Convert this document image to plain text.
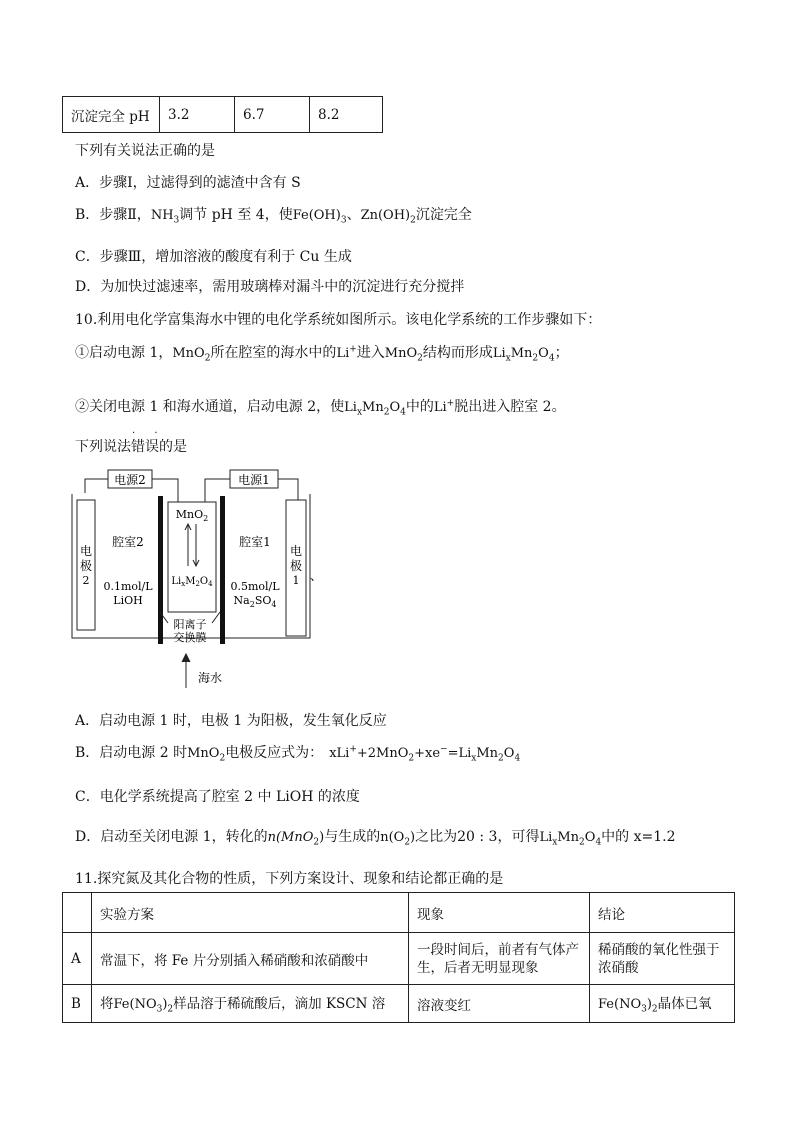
沉淀完全 pH	3.2	6.7	8.2
下列有关说法正确的是
A．步骤Ⅰ，过滤得到的滤渣中含有 S
B．步骤Ⅱ，$NH_3$调节 pH 至 4，使$Fe(OH)_3$、$Zn(OH)_2$沉淀完全
C．步骤Ⅲ，增加溶液的酸度有利于 Cu 生成
D．为加快过滤速率，需用玻璃棒对漏斗中的沉淀进行充分搅拌
10.利用电化学富集海水中锂的电化学系统如图所示。该电化学系统的工作步骤如下：
①启动电源 1，MnO$_2$所在腔室的海水中的Li+进入MnO$_2$结构而形成$Li_xMn_2O_4$；
②关闭电源 1 和海水通道，启动电源 2，使$Li_xMn_2O_4$中的Li+脱出进入腔室 2。
下列说法错误的是
· ·
电源2	电源1
电
极
2
电
极
1 、
MnO$_2$
$Li_xM_2O_4$
腔室2
0.1mol/L
LiOH
腔室1
0.5mol/L
$Na_2SO_4$
阳离子
交换膜
海水
A．启动电源 1 时，电极 1 为阳极，发生氧化反应
B．启动电源 2 时MnO$_2$电极反应式为： $xLi^++2MnO_2+xe^-=Li_xMn_2O_4$
C．电化学系统提高了腔室 2 中 LiOH 的浓度
D．启动至关闭电源 1，转化的n(MnO$_2$)与生成的$n(O_2)$之比为20 : 3，可得$Li_xMn_2O_4$中的 x=1.2
11.探究氮及其化合物的性质，下列方案设计、现象和结论都正确的是
	实验方案	现象	结论
A	常温下，将 Fe 片分别插入稀硝酸和浓硝酸中	一段时间后，前者有气体产生，后者无明显现象	稀硝酸的氧化性强于浓硝酸
B	将$Fe(NO_3)_2$样品溶于稀硫酸后，滴加 KSCN 溶	溶液变红	$Fe(NO_3)_2$晶体已氧
